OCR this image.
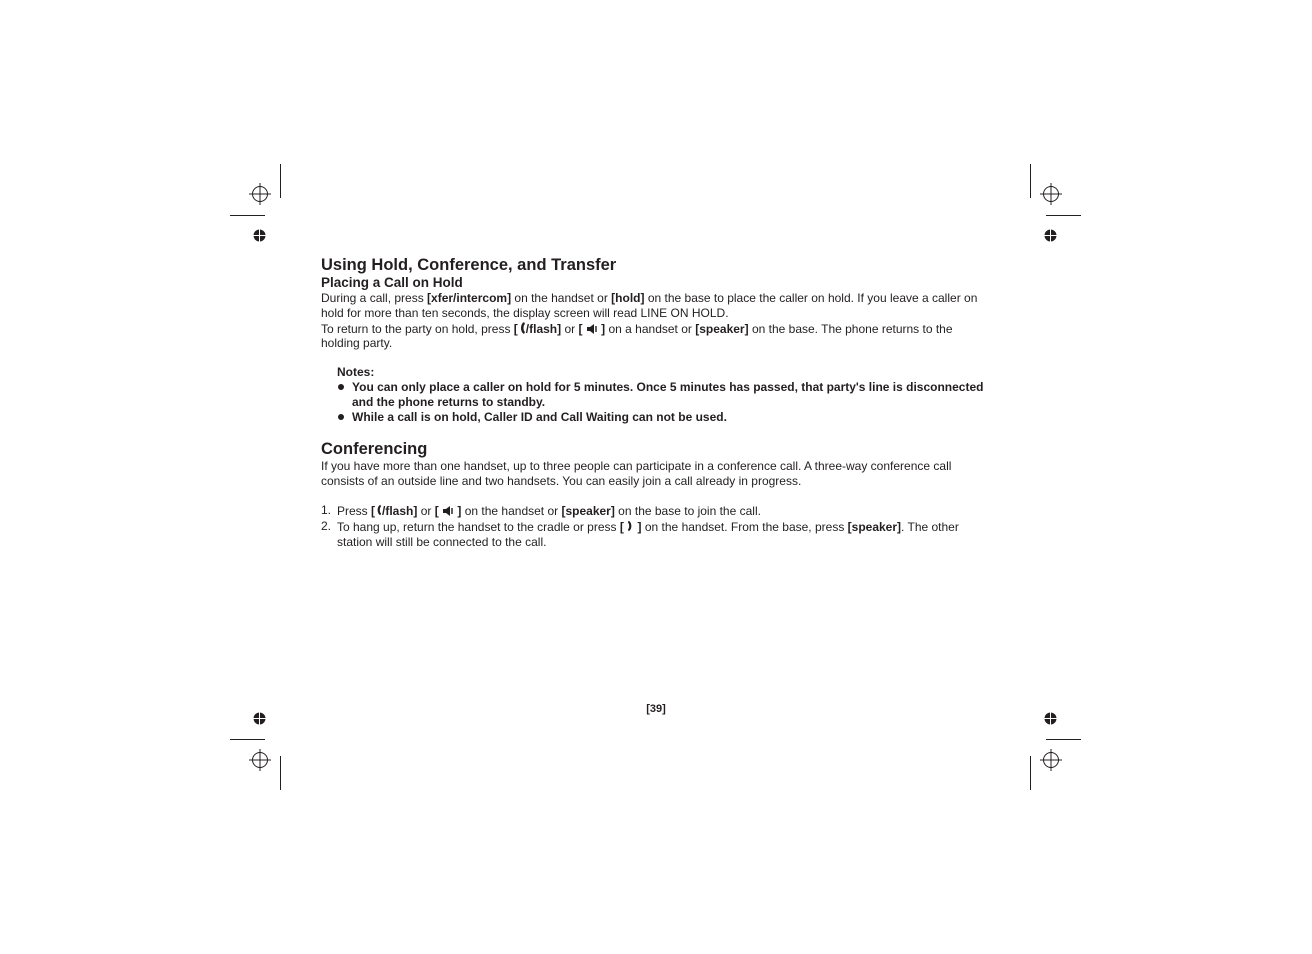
Using Hold, Conference, and Transfer
Placing a Call on Hold

During a call, press [xfer/intercom] on the handset or [hold] on the base to place the caller on hold. If you leave a caller on hold for more than ten seconds, the display screen will read LINE ON HOLD.

To return to the party on hold, press [ /flash] or [ ] on a handset or [speaker] on the base. The phone returns to the holding party.

Notes:
You can only place a caller on hold for 5 minutes. Once 5 minutes has passed, that party's line is disconnected and the phone returns to standby.
While a call is on hold, Caller ID and Call Waiting can not be used.
Conferencing

If you have more than one handset, up to three people can participate in a conference call. A three-way conference call consists of an outside line and two handsets. You can easily join a call already in progress.

1. Press [ /flash] or [ ] on the handset or [speaker] on the base to join the call.
2. To hang up, return the handset to the cradle or press [ ] on the handset. From the base, press [speaker]. The other station will still be connected to the call.
[39]
